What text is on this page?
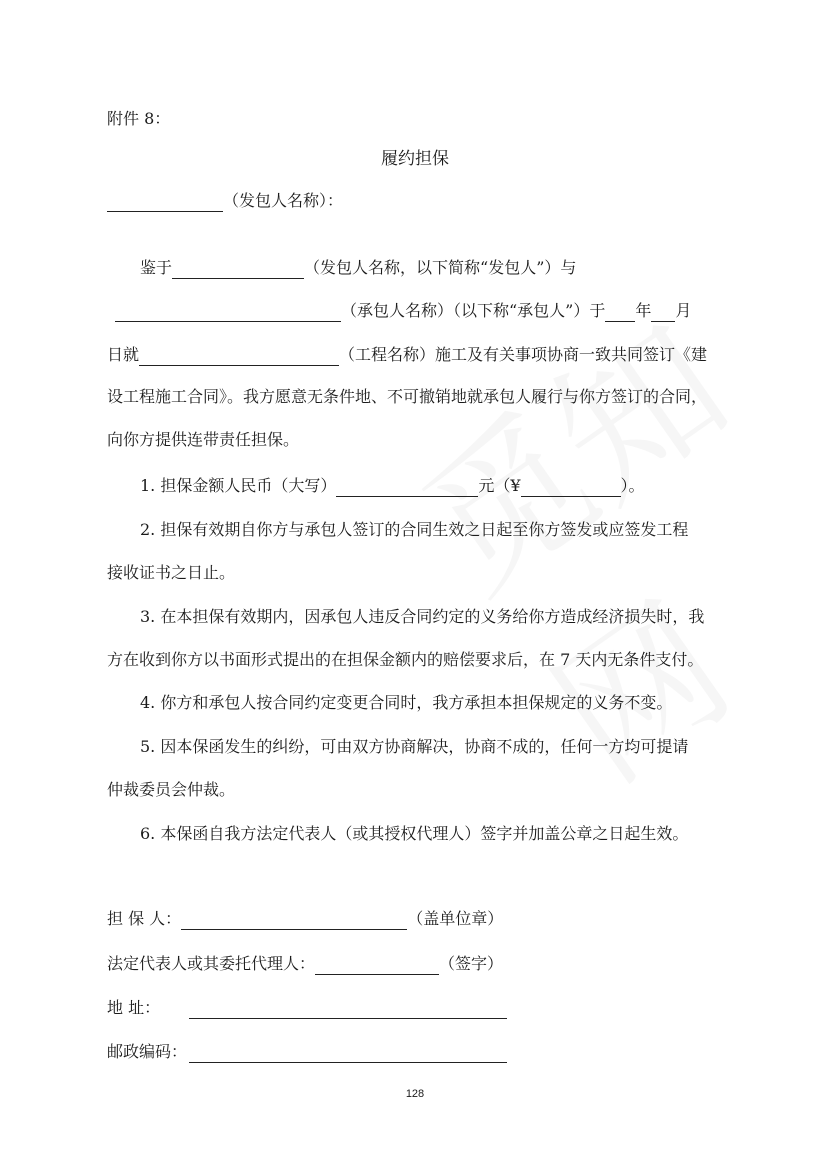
附件 8：
履约担保
（发包人名称）：
鉴于	（发包人名称，以下简称“发包人”）与
（承包人名称）（以下称“承包人”）于 年 月
日就	（工程名称）施工及有关事项协商一致共同签订《建
设工程施工合同》。我方愿意无条件地、不可撤销地就承包人履行与你方签订的合同，
向你方提供连带责任担保。
1. 担保金额人民币（大写）	元（¥	）。
2. 担保有效期自你方与承包人签订的合同生效之日起至你方签发或应签发工程
接收证书之日止。
3. 在本担保有效期内，因承包人违反合同约定的义务给你方造成经济损失时，我
方在收到你方以书面形式提出的在担保金额内的赔偿要求后，在 7 天内无条件支付。
4. 你方和承包人按合同约定变更合同时，我方承担本担保规定的义务不变。
5. 因本保函发生的纠纷，可由双方协商解决，协商不成的，任何一方均可提请
仲裁委员会仲裁。
6. 本保函自我方法定代表人（或其授权代理人）签字并加盖公章之日起生效。
担 保 人：	（盖单位章）
法定代表人或其委托代理人：	（签字）
地 址：
邮政编码：
128
